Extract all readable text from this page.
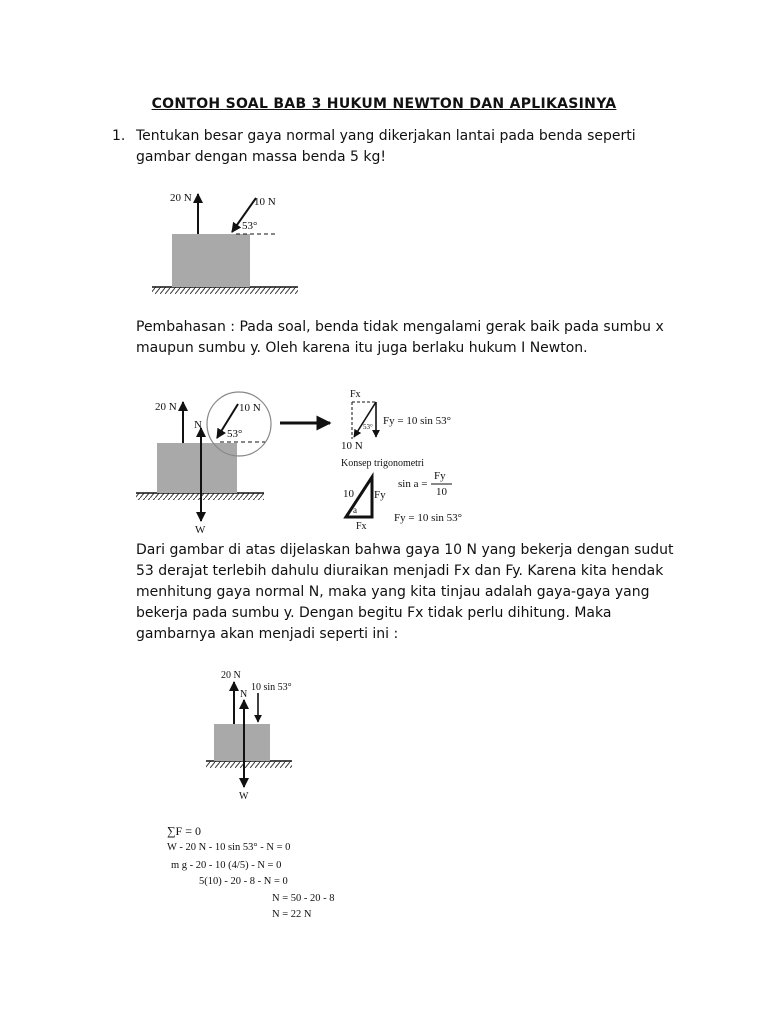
CONTOH SOAL BAB 3 HUKUM NEWTON DAN APLIKASINYA
1. Tentukan besar gaya normal yang dikerjakan lantai pada benda seperti
gambar dengan massa benda 5 kg!
Pembahasan : Pada soal, benda tidak mengalami gerak baik pada sumbu x
maupun sumbu y. Oleh karena itu juga berlaku hukum I Newton.
Dari gambar di atas dijelaskan bahwa gaya 10 N yang bekerja dengan sudut
53 derajat terlebih dahulu diuraikan menjadi Fx dan Fy. Karena kita hendak
menhitung gaya normal N, maka yang kita tinjau adalah gaya-gaya yang
bekerja pada sumbu y. Dengan begitu Fx tidak perlu dihitung. Maka
gambarnya akan menjadi seperti ini :
20 N	10 N
53°
20 N
N
10 N
53°
W
Fx
53° Fy = 10 sin 53°
10 N
Konsep trigonometri
10 Fy
a
Fx
sin a =
Fy
10
Fy = 10 sin 53°
20 N
10 sin 53°
N
W
∑F = 0
W - 20 N - 10 sin 53° - N = 0
m g - 20 - 10 (4/5) - N = 0
5(10) - 20 - 8 - N = 0
N = 50 - 20 - 8
N = 22 N
